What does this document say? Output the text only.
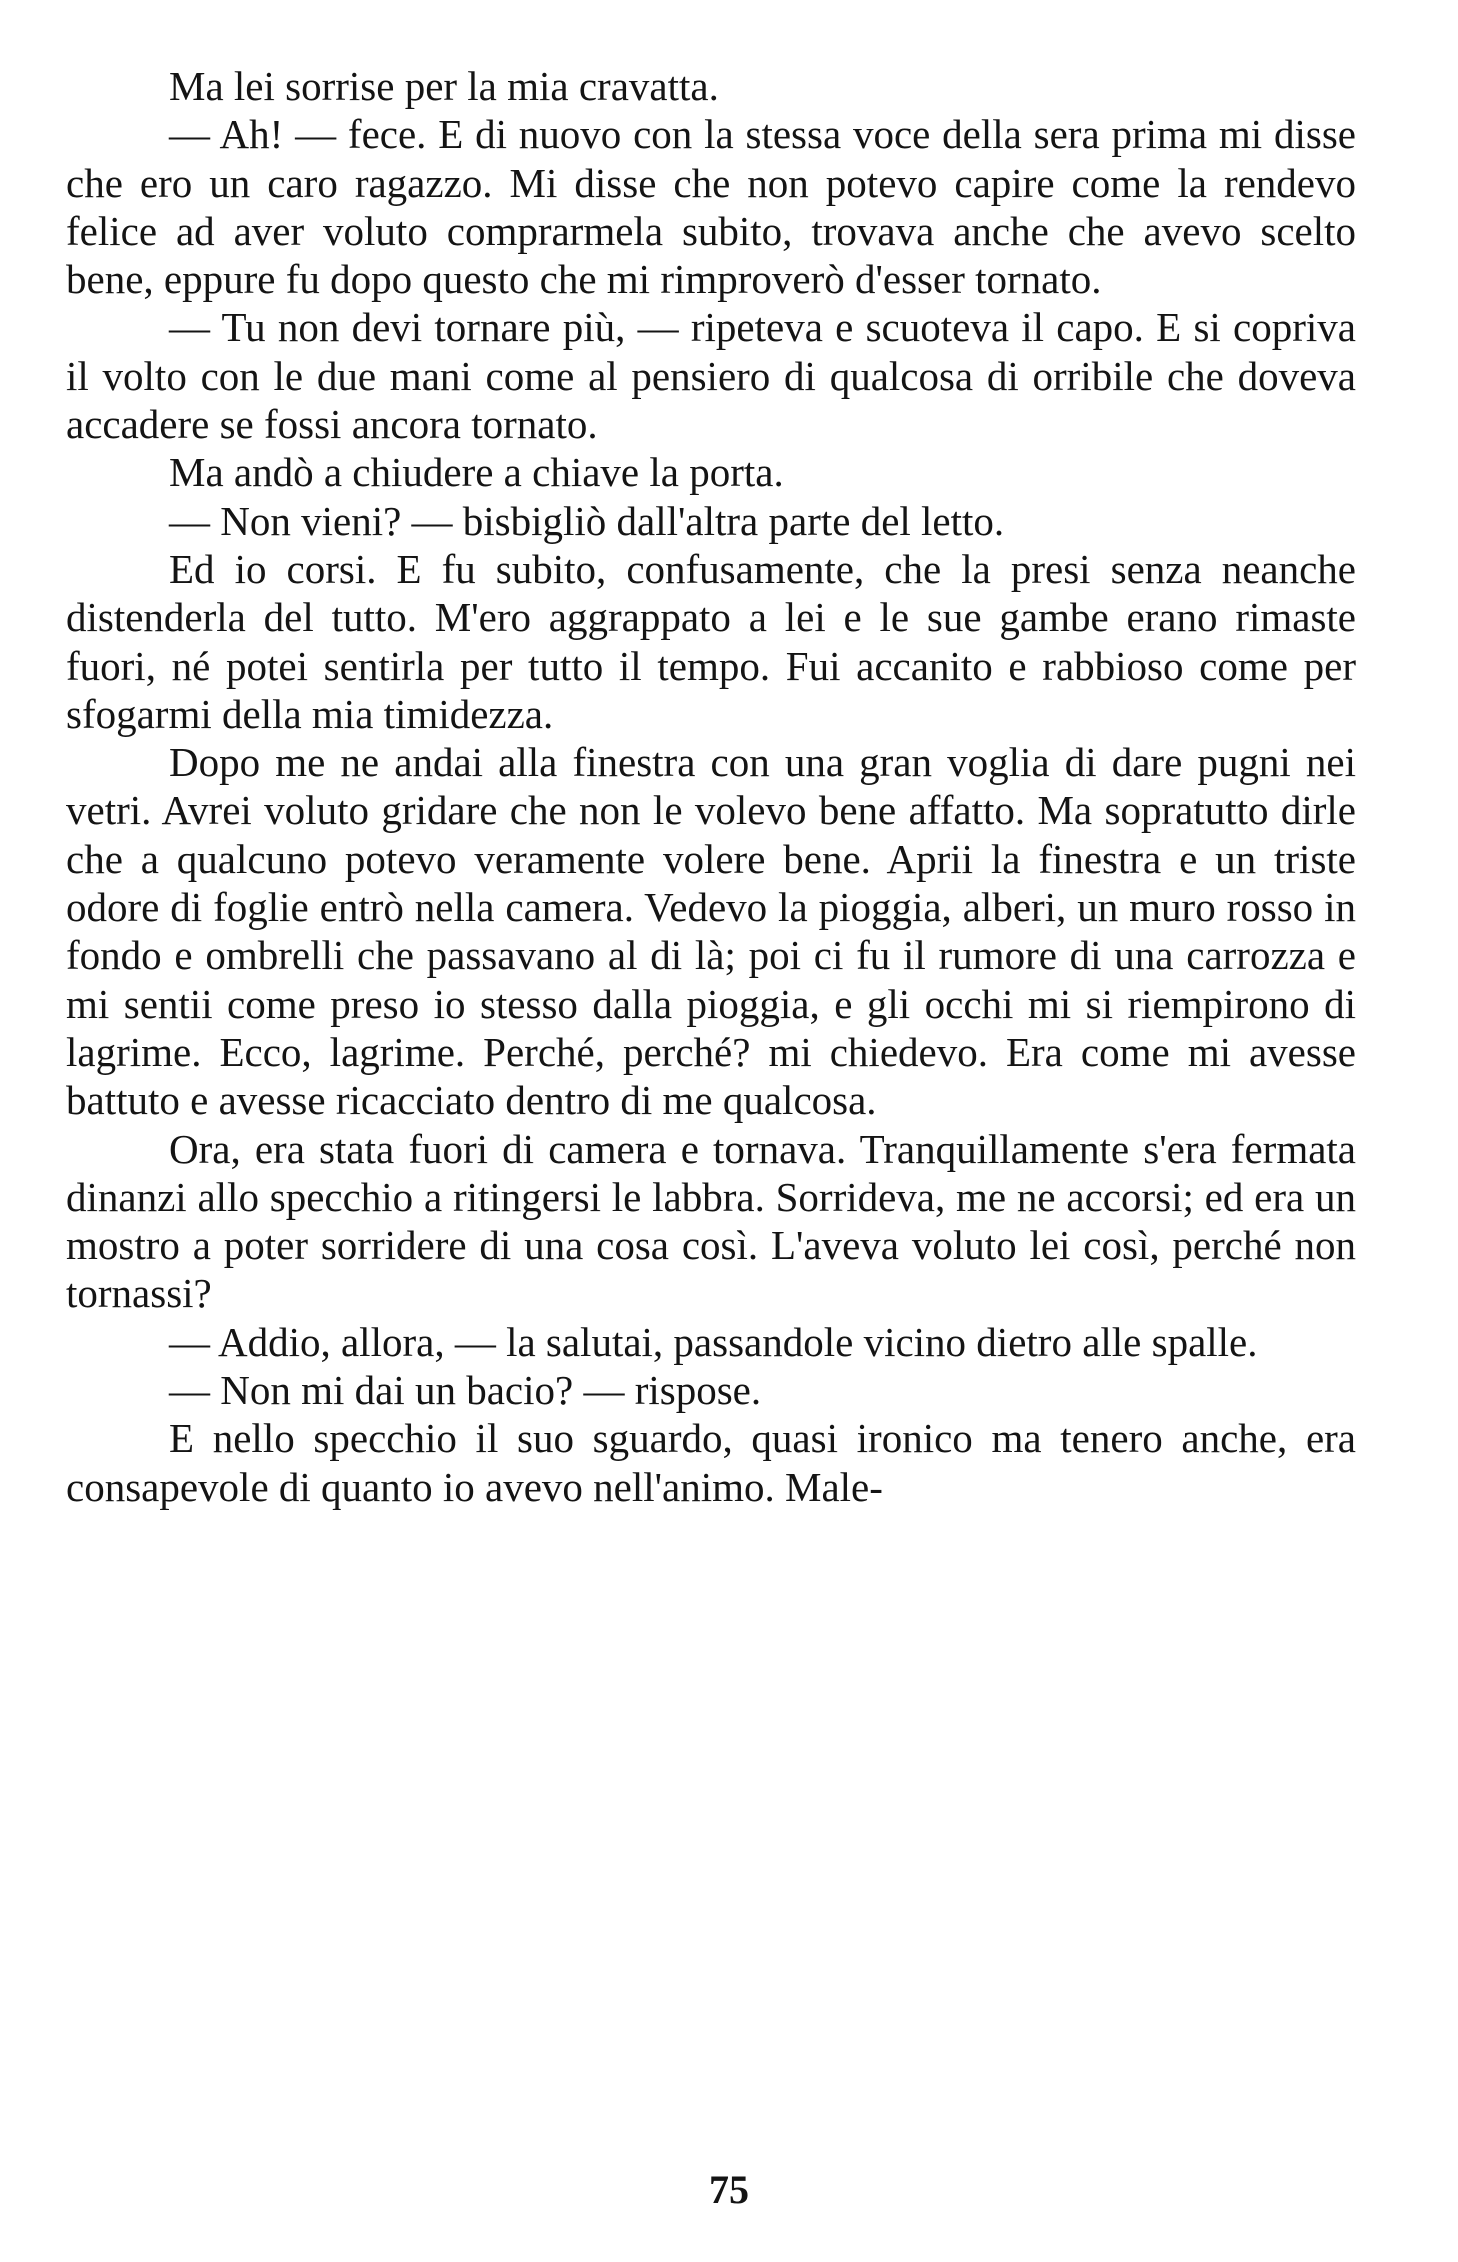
Ma lei sorrise per la mia cravatta.

— Ah! — fece. E di nuovo con la stessa voce della sera prima mi disse che ero un caro ragazzo. Mi disse che non potevo capire come la rendevo felice ad aver voluto comprarmela subito, trovava anche che avevo scelto bene, eppure fu dopo questo che mi rimproverò d'esser tornato.

— Tu non devi tornare più, — ripeteva e scuoteva il capo. E si copriva il volto con le due mani come al pensiero di qualcosa di orribile che doveva accadere se fossi ancora tornato.

Ma andò a chiudere a chiave la porta.

— Non vieni? — bisbigliò dall'altra parte del letto.

Ed io corsi. E fu subito, confusamente, che la presi senza neanche distenderla del tutto. M'ero aggrappato a lei e le sue gambe erano rimaste fuori, né potei sentirla per tutto il tempo. Fui accanito e rabbioso come per sfogarmi della mia timidezza.

Dopo me ne andai alla finestra con una gran voglia di dare pugni nei vetri. Avrei voluto gridare che non le volevo bene affatto. Ma sopratutto dirle che a qualcuno potevo veramente volere bene. Aprii la finestra e un triste odore di foglie entrò nella camera. Vedevo la pioggia, alberi, un muro rosso in fondo e ombrelli che passavano al di là; poi ci fu il rumore di una carrozza e mi sentii come preso io stesso dalla pioggia, e gli occhi mi si riempirono di lagrime. Ecco, lagrime. Perché, perché? mi chiedevo. Era come mi avesse battuto e avesse ricacciato dentro di me qualcosa.

Ora, era stata fuori di camera e tornava. Tranquillamente s'era fermata dinanzi allo specchio a ritingersi le labbra. Sorrideva, me ne accorsi; ed era un mostro a poter sorridere di una cosa così. L'aveva voluto lei così, perché non tornassi?

— Addio, allora, — la salutai, passandole vicino dietro alle spalle.

— Non mi dai un bacio? — rispose.

E nello specchio il suo sguardo, quasi ironico ma tenero anche, era consapevole di quanto io avevo nell'animo. Male-

75
